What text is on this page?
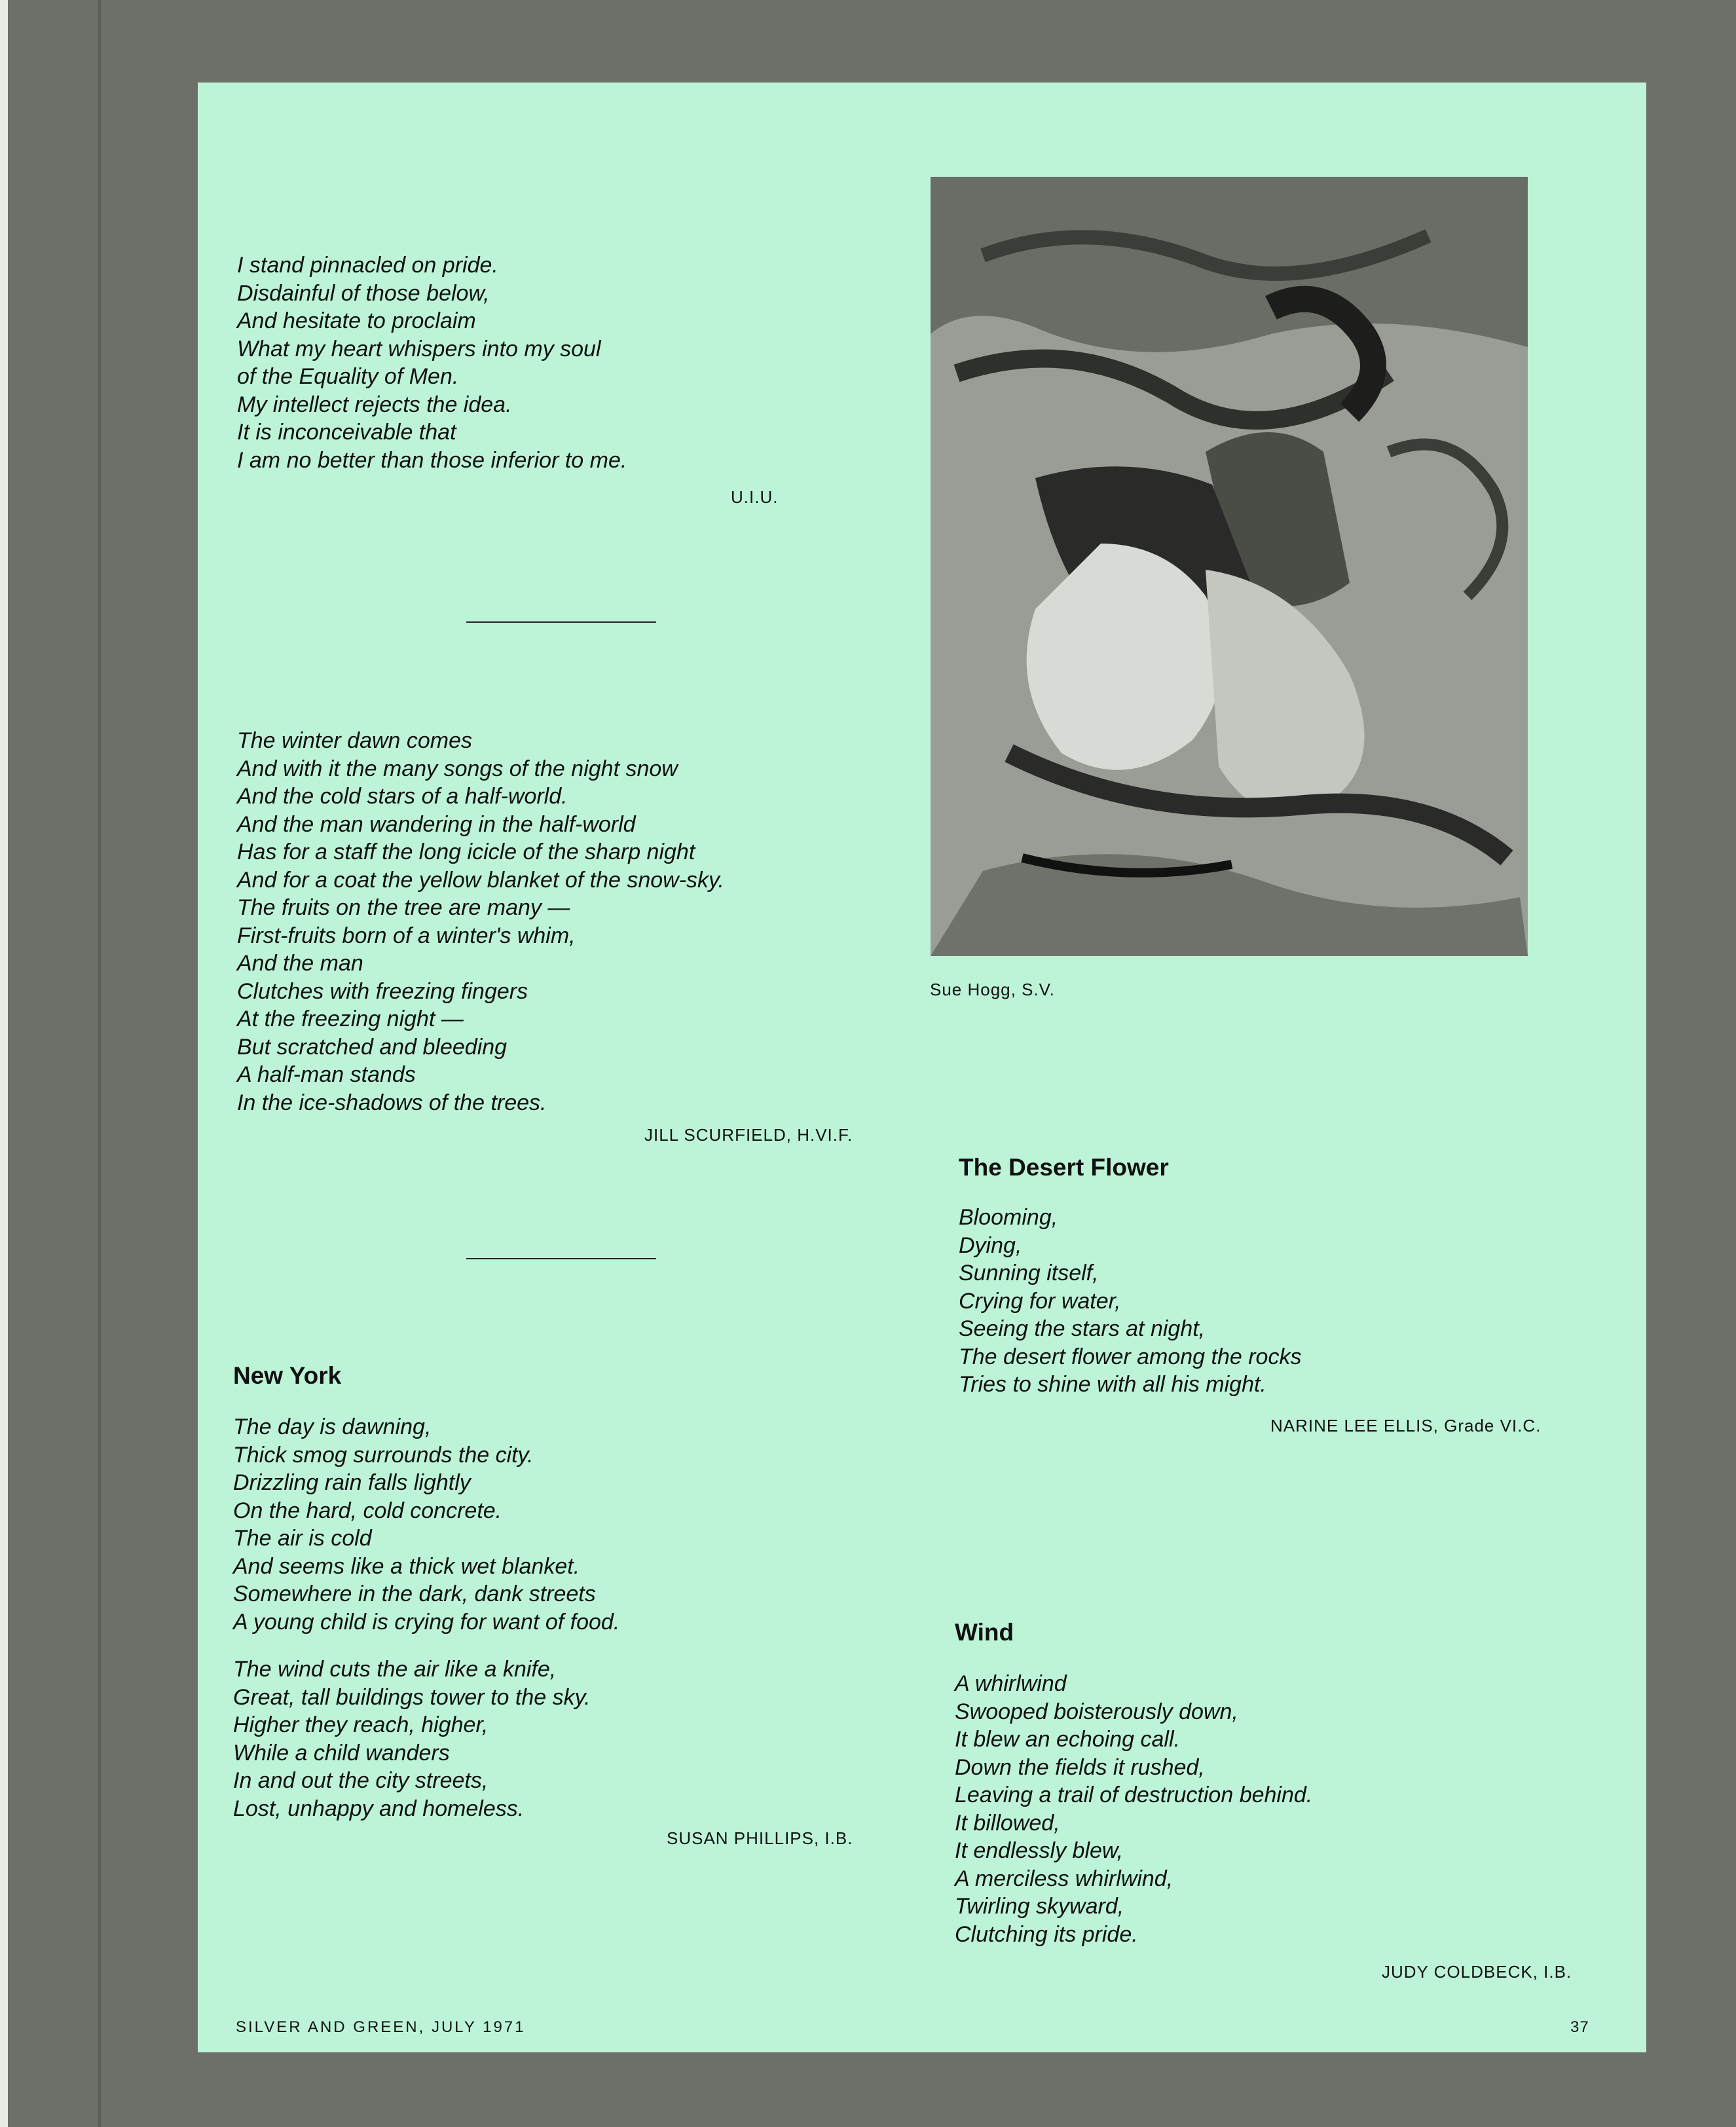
I stand pinnacled on pride.
Disdainful of those below,
And hesitate to proclaim
What my heart whispers into my soul
of the Equality of Men.
My intellect rejects the idea.
It is inconceivable that
I am no better than those inferior to me.
U.I.U.
The winter dawn comes
And with it the many songs of the night snow
And the cold stars of a half-world.
And the man wandering in the half-world
Has for a staff the long icicle of the sharp night
And for a coat the yellow blanket of the snow-sky.
The fruits on the tree are many —
First-fruits born of a winter's whim,
And the man
Clutches with freezing fingers
At the freezing night —
But scratched and bleeding
A half-man stands
In the ice-shadows of the trees.
JILL SCURFIELD, H.VI.F.
New York
The day is dawning,
Thick smog surrounds the city.
Drizzling rain falls lightly
On the hard, cold concrete.
The air is cold
And seems like a thick wet blanket.
Somewhere in the dark, dank streets
A young child is crying for want of food.
The wind cuts the air like a knife,
Great, tall buildings tower to the sky.
Higher they reach, higher,
While a child wanders
In and out the city streets,
Lost, unhappy and homeless.
SUSAN PHILLIPS, I.B.
Sue Hogg, S.V.
The Desert Flower
Blooming,
Dying,
Sunning itself,
Crying for water,
Seeing the stars at night,
The desert flower among the rocks
Tries to shine with all his might.
NARINE LEE ELLIS, Grade VI.C.
Wind
A whirlwind
Swooped boisterously down,
It blew an echoing call.
Down the fields it rushed,
Leaving a trail of destruction behind.
It billowed,
It endlessly blew,
A merciless whirlwind,
Twirling skyward,
Clutching its pride.
JUDY COLDBECK, I.B.
SILVER AND GREEN, JULY 1971	37
